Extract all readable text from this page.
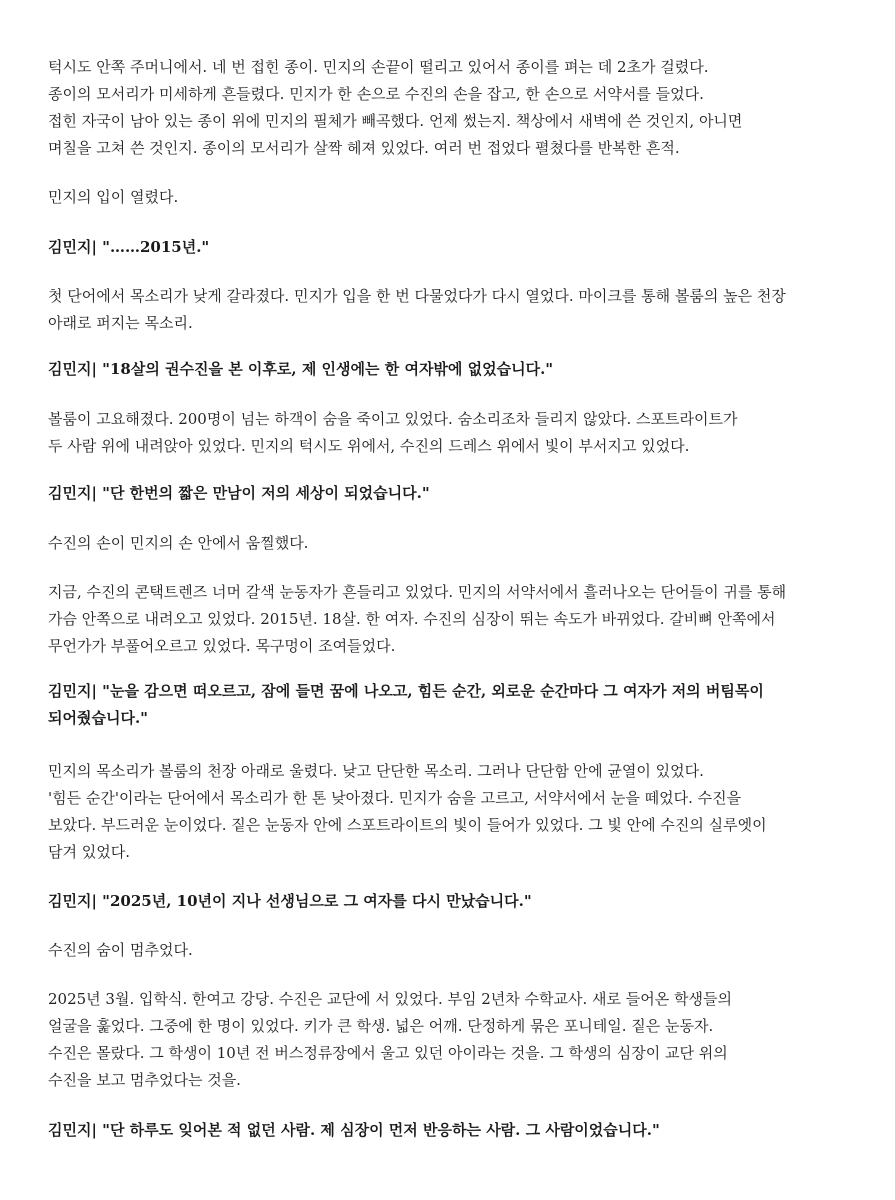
턱시도 안쪽 주머니에서. 네 번 접힌 종이. 민지의 손끝이 떨리고 있어서 종이를 펴는 데 2초가 걸렸다.
종이의 모서리가 미세하게 흔들렸다. 민지가 한 손으로 수진의 손을 잡고, 한 손으로 서약서를 들었다.
접힌 자국이 남아 있는 종이 위에 민지의 필체가 빼곡했다. 언제 썼는지. 책상에서 새벽에 쓴 것인지, 아니면
며칠을 고쳐 쓴 것인지. 종이의 모서리가 살짝 헤져 있었다. 여러 번 접었다 펼쳤다를 반복한 흔적.
민지의 입이 열렸다.
김민지| "……2015년."
첫 단어에서 목소리가 낮게 갈라졌다. 민지가 입을 한 번 다물었다가 다시 열었다. 마이크를 통해 볼룸의 높은 천장
아래로 퍼지는 목소리.
김민지| "18살의 권수진을 본 이후로, 제 인생에는 한 여자밖에 없었습니다."
볼룸이 고요해졌다. 200명이 넘는 하객이 숨을 죽이고 있었다. 숨소리조차 들리지 않았다. 스포트라이트가
두 사람 위에 내려앉아 있었다. 민지의 턱시도 위에서, 수진의 드레스 위에서 빛이 부서지고 있었다.
김민지| "단 한번의 짧은 만남이 저의 세상이 되었습니다."
수진의 손이 민지의 손 안에서 움찔했다.
지금, 수진의 콘택트렌즈 너머 갈색 눈동자가 흔들리고 있었다. 민지의 서약서에서 흘러나오는 단어들이 귀를 통해
가슴 안쪽으로 내려오고 있었다. 2015년. 18살. 한 여자. 수진의 심장이 뛰는 속도가 바뀌었다. 갈비뼈 안쪽에서
무언가가 부풀어오르고 있었다. 목구멍이 조여들었다.
김민지| "눈을 감으면 떠오르고, 잠에 들면 꿈에 나오고, 힘든 순간, 외로운 순간마다 그 여자가 저의 버팀목이
되어줬습니다."
민지의 목소리가 볼룸의 천장 아래로 울렸다. 낮고 단단한 목소리. 그러나 단단함 안에 균열이 있었다.
'힘든 순간'이라는 단어에서 목소리가 한 톤 낮아졌다. 민지가 숨을 고르고, 서약서에서 눈을 떼었다. 수진을
보았다. 부드러운 눈이었다. 짙은 눈동자 안에 스포트라이트의 빛이 들어가 있었다. 그 빛 안에 수진의 실루엣이
담겨 있었다.
김민지| "2025년, 10년이 지나 선생님으로 그 여자를 다시 만났습니다."
수진의 숨이 멈추었다.
2025년 3월. 입학식. 한여고 강당. 수진은 교단에 서 있었다. 부임 2년차 수학교사. 새로 들어온 학생들의
얼굴을 훑었다. 그중에 한 명이 있었다. 키가 큰 학생. 넓은 어깨. 단정하게 묶은 포니테일. 짙은 눈동자.
수진은 몰랐다. 그 학생이 10년 전 버스정류장에서 울고 있던 아이라는 것을. 그 학생의 심장이 교단 위의
수진을 보고 멈추었다는 것을.
김민지| "단 하루도 잊어본 적 없던 사람. 제 심장이 먼저 반응하는 사람. 그 사람이었습니다."
